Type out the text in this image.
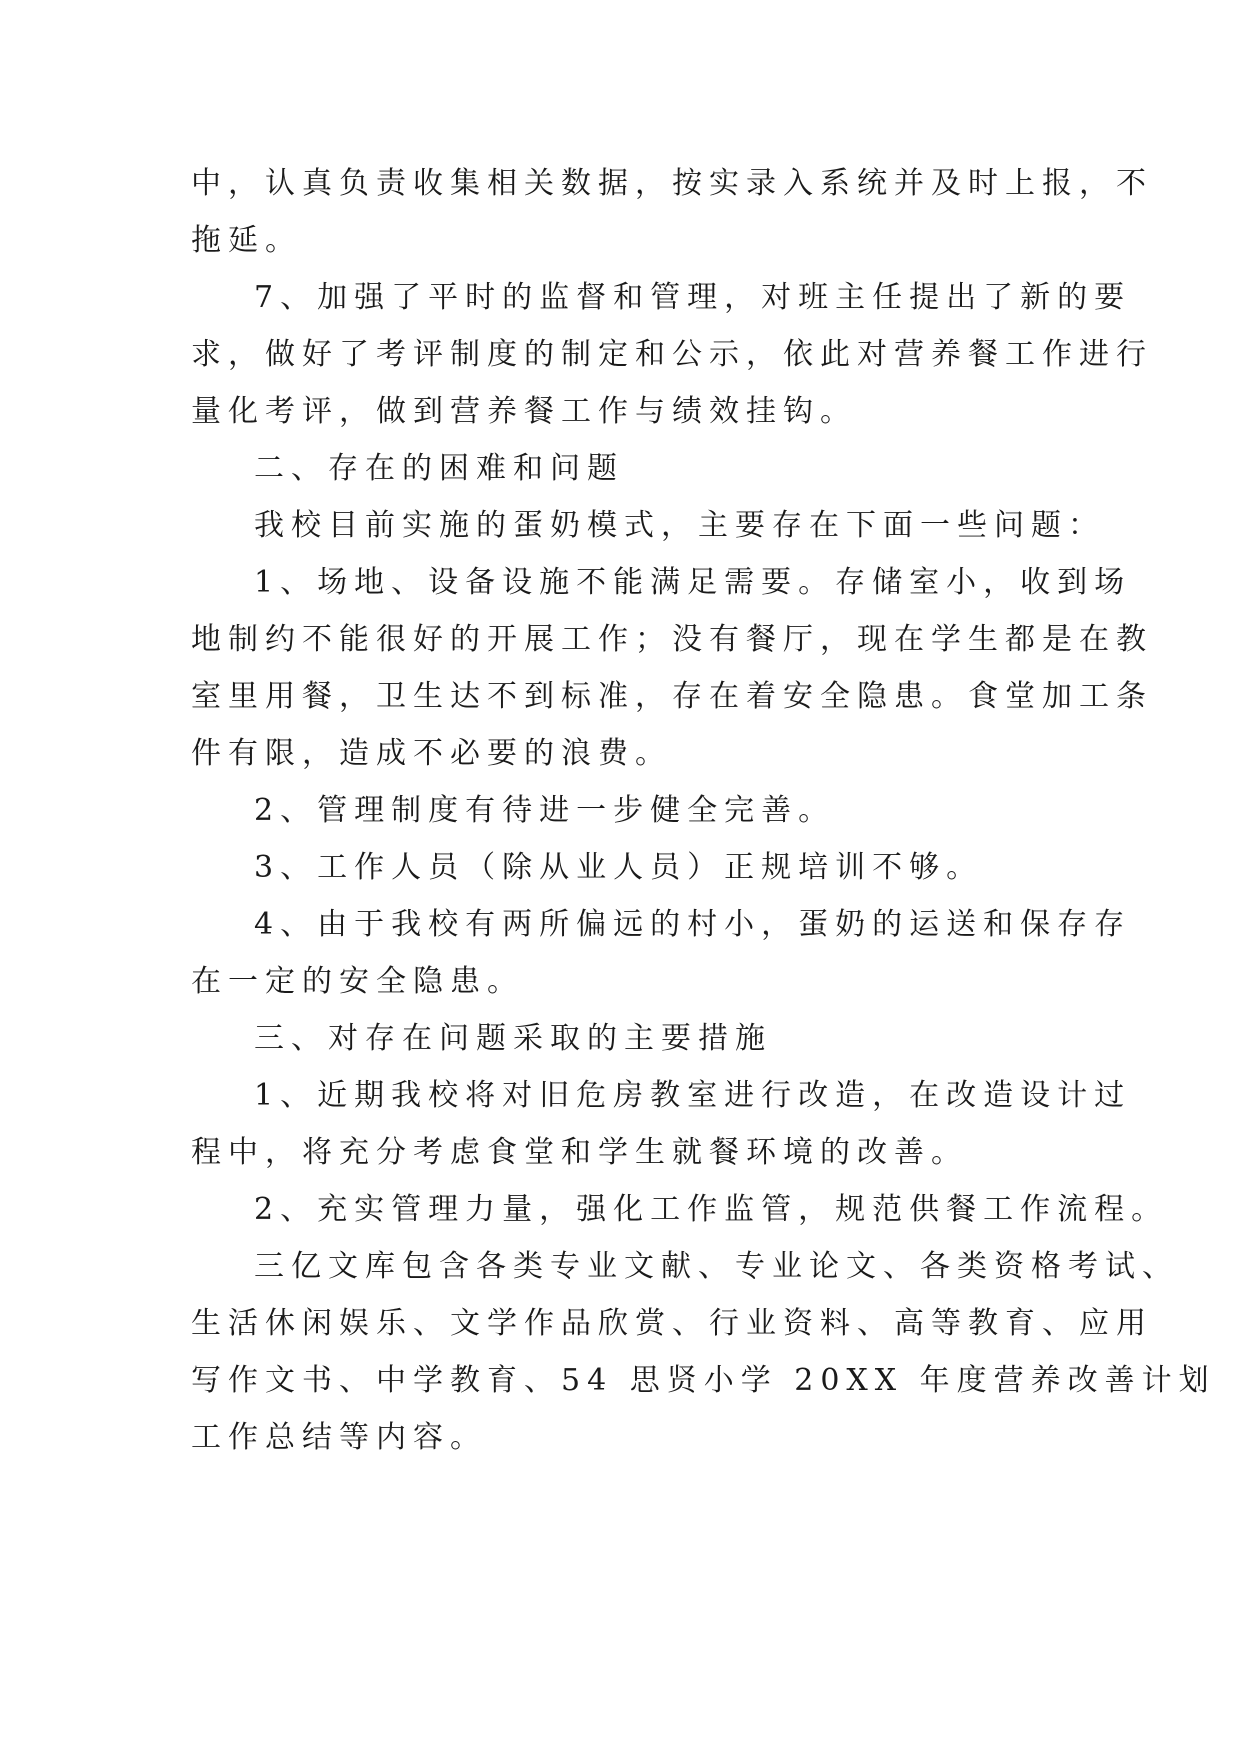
中，认真负责收集相关数据，按实录入系统并及时上报，不
拖延。
7、加强了平时的监督和管理，对班主任提出了新的要
求，做好了考评制度的制定和公示，依此对营养餐工作进行
量化考评，做到营养餐工作与绩效挂钩。
二、存在的困难和问题
我校目前实施的蛋奶模式，主要存在下面一些问题：
1、场地、设备设施不能满足需要。存储室小，收到场
地制约不能很好的开展工作；没有餐厅，现在学生都是在教
室里用餐，卫生达不到标准，存在着安全隐患。食堂加工条
件有限，造成不必要的浪费。
2、管理制度有待进一步健全完善。
3、工作人员（除从业人员）正规培训不够。
4、由于我校有两所偏远的村小，蛋奶的运送和保存存
在一定的安全隐患。
三、对存在问题采取的主要措施
1、近期我校将对旧危房教室进行改造，在改造设计过
程中，将充分考虑食堂和学生就餐环境的改善。
2、充实管理力量，强化工作监管，规范供餐工作流程。
三亿文库包含各类专业文献、专业论文、各类资格考试、
生活休闲娱乐、文学作品欣赏、行业资料、高等教育、应用
写作文书、中学教育、54 思贤小学 20XX 年度营养改善计划
工作总结等内容。
